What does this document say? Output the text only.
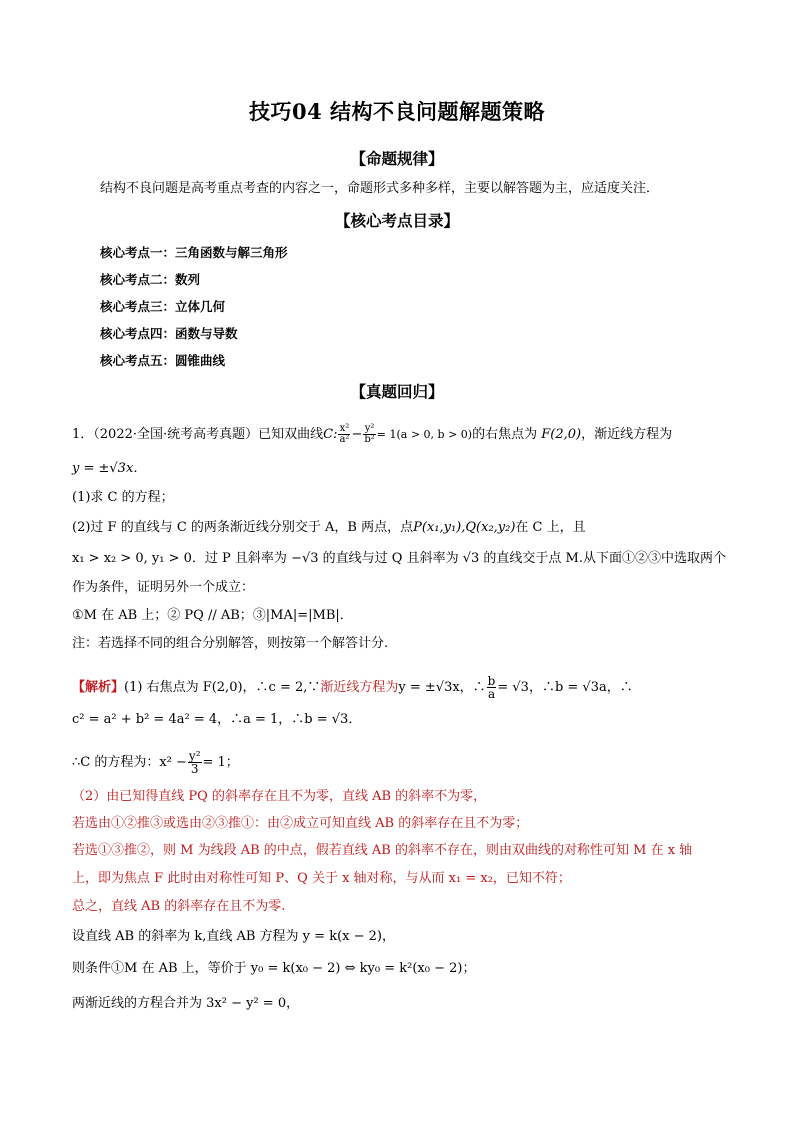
技巧04 结构不良问题解题策略
【命题规律】
结构不良问题是高考重点考查的内容之一，命题形式多种多样，主要以解答题为主，应适度关注．
【核心考点目录】
核心考点一：三角函数与解三角形
核心考点二：数列
核心考点三：立体几何
核心考点四：函数与导数
核心考点五：圆锥曲线
【真题回归】
1．（2022·全国·统考高考真题）已知双曲线C: $\frac{\text{x²}}{\text{a²}} - \frac{\text{y²}}{\text{b²}} = 1(a > 0$, b > 0)的右焦点为 F(2,0)，渐近线方程为
y = ±√3x．
(1)求 C 的方程；
(2)过 F 的直线与 C 的两条渐近线分别交于 A，B 两点，点P(x₁,y₁),Q(x₂,y₂)在 C 上，且
x₁ > x₂ > 0, y₁ > 0．过 P 且斜率为 −√3 的直线与过 Q 且斜率为 √3 的直线交于点 M.从下面①②③中选取两个
作为条件，证明另外一个成立：
①M 在 AB 上；② PQ // AB；③|MA|=|MB|．
注：若选择不同的组合分别解答，则按第一个解答计分.
【解析】(1) 右焦点为 F(2,0)，∴c = 2,∵渐近线方程为y = ±√3x，∴ $\frac{b}{a} = √3$，∴b = √3a，∴
c² = a² + b² = 4a² = 4，∴a = 1，∴b = √3．
∴C 的方程为：$x^2 - \frac{\text{y²}}{3} = 1$；
（2）由已知得直线 PQ 的斜率存在且不为零，直线 AB 的斜率不为零，
若选由①②推③或选由②③推①：由②成立可知直线 AB 的斜率存在且不为零；
若选①③推②，则 M 为线段 AB 的中点，假若直线 AB 的斜率不存在，则由双曲线的对称性可知 M 在 x 轴
上，即为焦点 F 此时由对称性可知 P、Q 关于 x 轴对称，与从而 x₁ = x₂，已知不符；
总之，直线 AB 的斜率存在且不为零.
设直线 AB 的斜率为 k,直线 AB 方程为 y = k(x − 2)，
则条件①M 在 AB 上，等价于 y₀ = k(x₀ − 2) ⇔ ky₀ = k²(x₀ − 2)；
两渐近线的方程合并为 3x² − y² = 0，
